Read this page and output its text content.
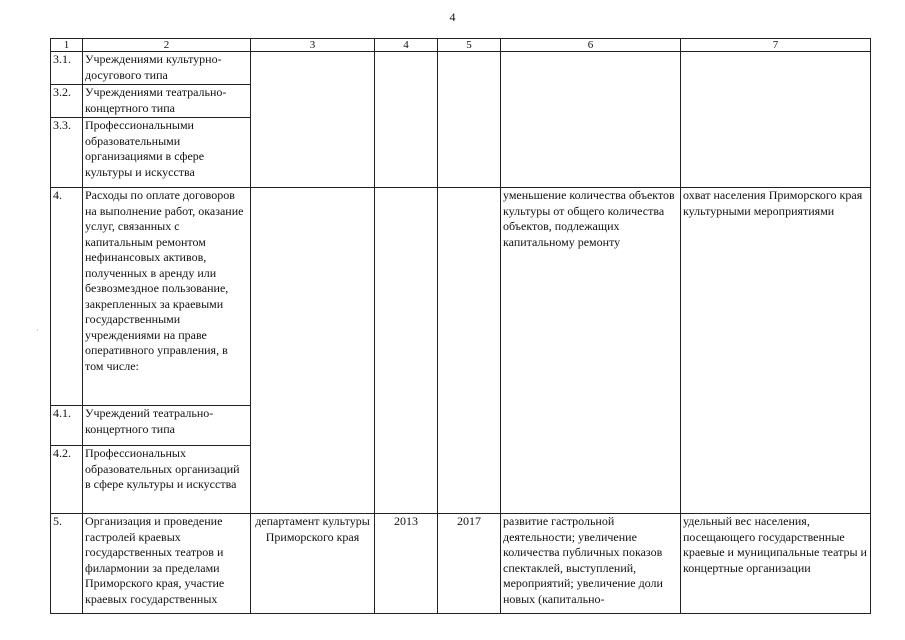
4
·
1	2	3	4	5	6	7
3.1.	Учреждениями культурно-досугового типа					
3.2.	Учреждениями театрально-концертного типа					
3.3.	Профессиональными образовательными организациями в сфере культуры и искусства					
4.	Расходы по оплате договоров на выполнение работ, оказание услуг, связанных с капитальным ремонтом нефинансовых активов, полученных в аренду или безвозмездное пользование, закрепленных за краевыми государственными учреждениями на праве оперативного управления, в том числе:				уменьшение количества объектов культуры от общего количества объектов, подлежащих капитальному ремонту	охват населения Приморского края культурными мероприятиями
4.1.	Учреждений театрально-концертного типа					
4.2.	Профессиональных образовательных организаций в сфере культуры и искусства					
5.	Организация и проведение гастролей краевых государственных театров и филармонии за пределами Приморского края, участие краевых государственных	департамент культуры Приморского края	2013	2017	развитие гастрольной деятельности; увеличение количества публичных показов спектаклей, выступлений, мероприятий; увеличение доли новых (капитально-	удельный вес населения, посещающего государственные краевые и муниципальные театры и концертные организации
